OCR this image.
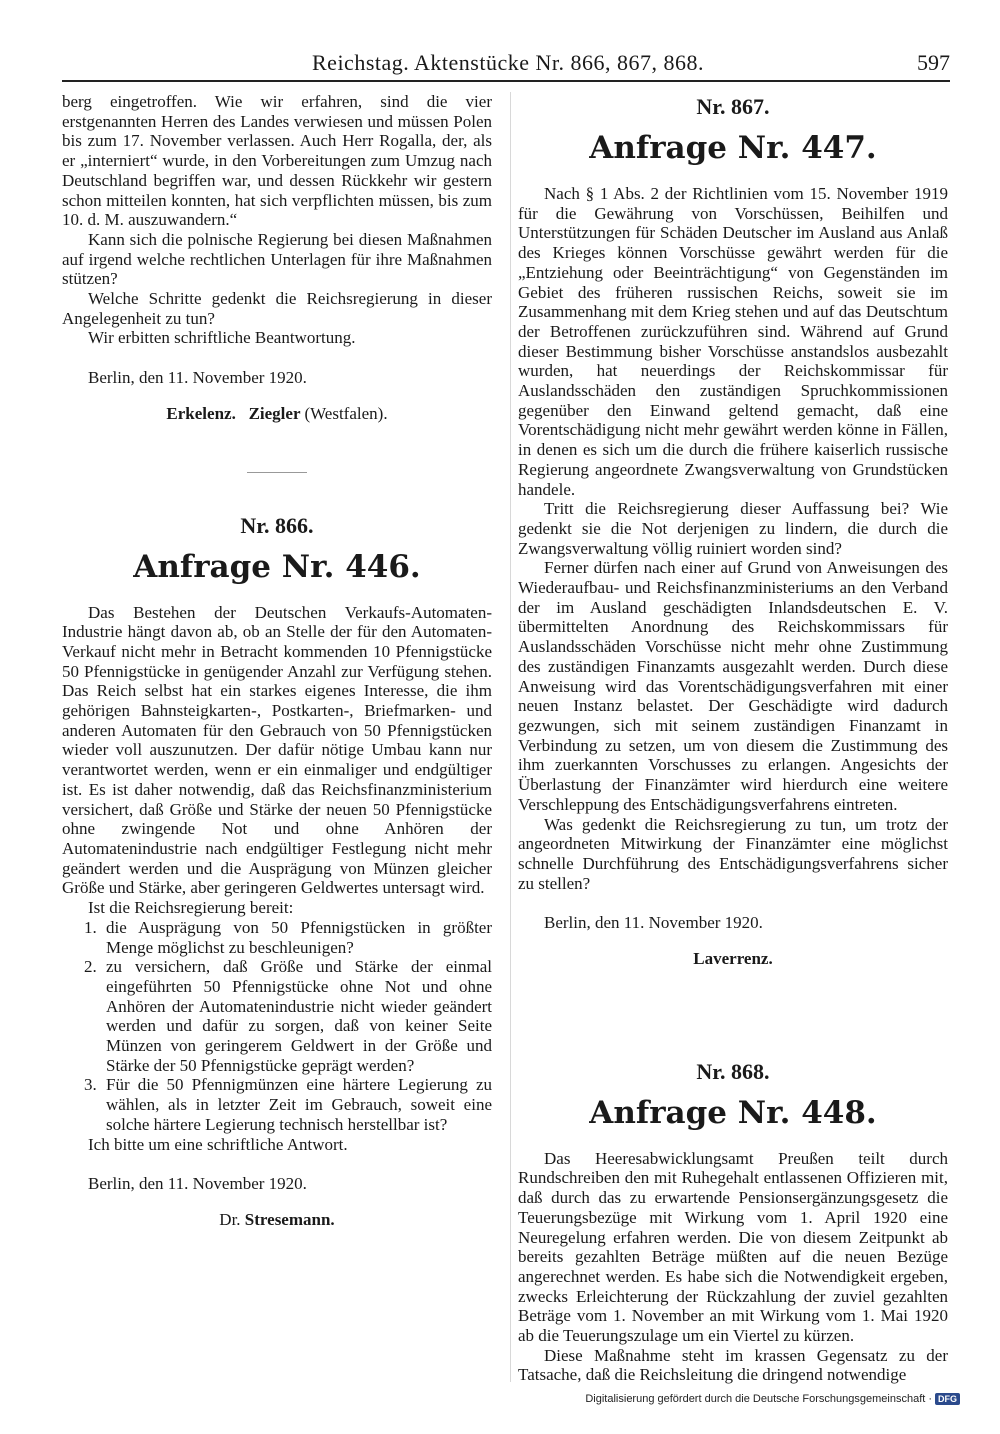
Reichstag. Aktenstücke Nr. 866, 867, 868.	597

berg eingetroffen. Wie wir erfahren, sind die vier erstgenannten Herren des Landes verwiesen und müssen Polen bis zum 17. November verlassen. Auch Herr Rogalla, der, als er „interniert“ wurde, in den Vorbereitungen zum Umzug nach Deutschland begriffen war, und dessen Rückkehr wir gestern schon mitteilen konnten, hat sich verpflichten müssen, bis zum 10. d. M. auszuwandern.“

Kann sich die polnische Regierung bei diesen Maßnahmen auf irgend welche rechtlichen Unterlagen für ihre Maßnahmen stützen?

Welche Schritte gedenkt die Reichsregierung in dieser Angelegenheit zu tun?

Wir erbitten schriftliche Beantwortung.

Berlin, den 11. November 1920.
Erkelenz. Ziegler (Westfalen).
Nr. 866.
Anfrage Nr. 446.

Das Bestehen der Deutschen Verkaufs-Automaten-Industrie hängt davon ab, ob an Stelle der für den Automaten-Verkauf nicht mehr in Betracht kommenden 10 Pfennigstücke 50 Pfennigstücke in genügender Anzahl zur Verfügung stehen. Das Reich selbst hat ein starkes eigenes Interesse, die ihm gehörigen Bahnsteigkarten-, Postkarten-, Briefmarken- und anderen Automaten für den Gebrauch von 50 Pfennigstücken wieder voll auszunutzen. Der dafür nötige Umbau kann nur verantwortet werden, wenn er ein einmaliger und endgültiger ist. Es ist daher notwendig, daß das Reichsfinanzministerium versichert, daß Größe und Stärke der neuen 50 Pfennigstücke ohne zwingende Not und ohne Anhören der Automatenindustrie nach endgültiger Festlegung nicht mehr geändert werden und die Ausprägung von Münzen gleicher Größe und Stärke, aber geringeren Geldwertes untersagt wird.

Ist die Reichsregierung bereit:

1. die Ausprägung von 50 Pfennigstücken in größter Menge möglichst zu beschleunigen?
2. zu versichern, daß Größe und Stärke der einmal eingeführten 50 Pfennigstücke ohne Not und ohne Anhören der Automatenindustrie nicht wieder geändert werden und dafür zu sorgen, daß von keiner Seite Münzen von geringerem Geldwert in der Größe und Stärke der 50 Pfennigstücke geprägt werden?
3. Für die 50 Pfennigmünzen eine härtere Legierung zu wählen, als in letzter Zeit im Gebrauch, soweit eine solche härtere Legierung technisch herstellbar ist?

Ich bitte um eine schriftliche Antwort.

Berlin, den 11. November 1920.
Dr. Stresemann.
Nr. 867.
Anfrage Nr. 447.

Nach § 1 Abs. 2 der Richtlinien vom 15. November 1919 für die Gewährung von Vorschüssen, Beihilfen und Unterstützungen für Schäden Deutscher im Ausland aus Anlaß des Krieges können Vorschüsse gewährt werden für die „Entziehung oder Beeinträchtigung“ von Gegenständen im Gebiet des früheren russischen Reichs, soweit sie im Zusammenhang mit dem Krieg stehen und auf das Deutschtum der Betroffenen zurückzuführen sind. Während auf Grund dieser Bestimmung bisher Vorschüsse anstandslos ausbezahlt wurden, hat neuerdings der Reichskommissar für Auslandsschäden den zuständigen Spruchkommissionen gegenüber den Einwand geltend gemacht, daß eine Vorentschädigung nicht mehr gewährt werden könne in Fällen, in denen es sich um die durch die frühere kaiserlich russische Regierung angeordnete Zwangsverwaltung von Grundstücken handele.

Tritt die Reichsregierung dieser Auffassung bei? Wie gedenkt sie die Not derjenigen zu lindern, die durch die Zwangsverwaltung völlig ruiniert worden sind?

Ferner dürfen nach einer auf Grund von Anweisungen des Wiederaufbau- und Reichsfinanzministeriums an den Verband der im Ausland geschädigten Inlandsdeutschen E. V. übermittelten Anordnung des Reichskommissars für Auslandsschäden Vorschüsse nicht mehr ohne Zustimmung des zuständigen Finanzamts ausgezahlt werden. Durch diese Anweisung wird das Vorentschädigungsverfahren mit einer neuen Instanz belastet. Der Geschädigte wird dadurch gezwungen, sich mit seinem zuständigen Finanzamt in Verbindung zu setzen, um von diesem die Zustimmung des ihm zuerkannten Vorschusses zu erlangen. Angesichts der Überlastung der Finanzämter wird hierdurch eine weitere Verschleppung des Entschädigungsverfahrens eintreten.

Was gedenkt die Reichsregierung zu tun, um trotz der angeordneten Mitwirkung der Finanzämter eine möglichst schnelle Durchführung des Entschädigungsverfahrens sicher zu stellen?

Berlin, den 11. November 1920.
Laverrenz.
Nr. 868.
Anfrage Nr. 448.

Das Heeresabwicklungsamt Preußen teilt durch Rundschreiben den mit Ruhegehalt entlassenen Offizieren mit, daß durch das zu erwartende Pensionsergänzungsgesetz die Teuerungsbezüge mit Wirkung vom 1. April 1920 eine Neuregelung erfahren werden. Die von diesem Zeitpunkt ab bereits gezahlten Beträge müßten auf die neuen Bezüge angerechnet werden. Es habe sich die Notwendigkeit ergeben, zwecks Erleichterung der Rückzahlung der zuviel gezahlten Beträge vom 1. November an mit Wirkung vom 1. Mai 1920 ab die Teuerungszulage um ein Viertel zu kürzen.

Diese Maßnahme steht im krassen Gegensatz zu der Tatsache, daß die Reichsleitung die dringend notwendige

Digitalisierung gefördert durch die Deutsche Forschungsgemeinschaft · DFG
